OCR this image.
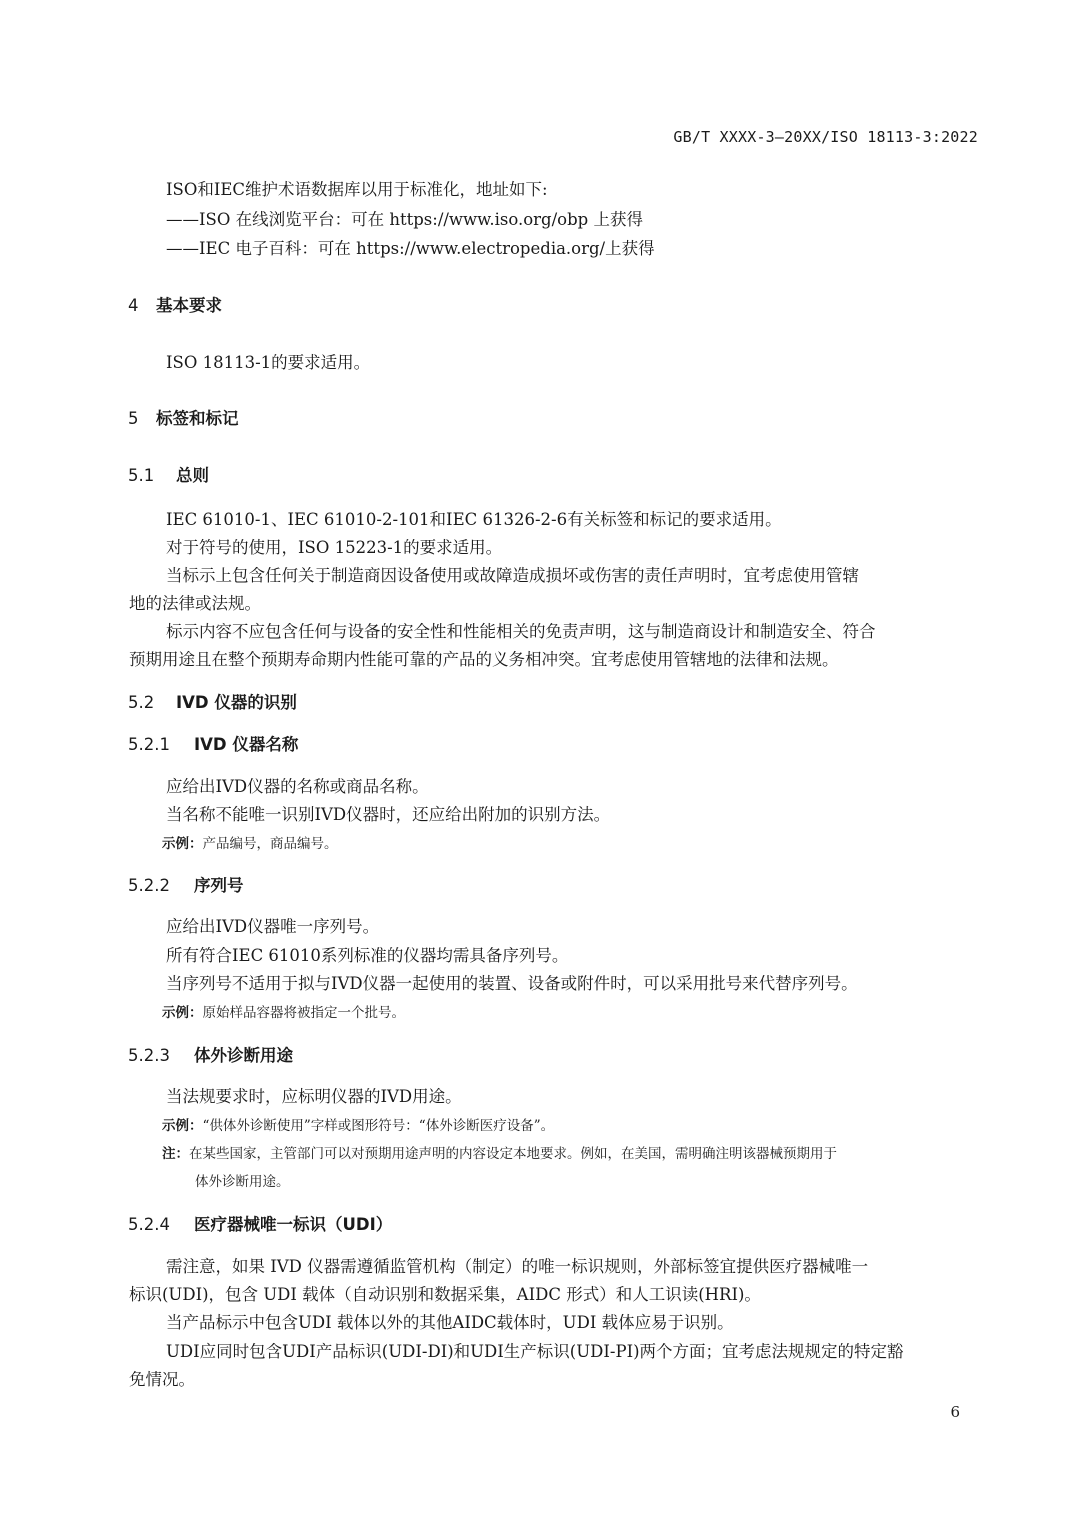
GB/T XXXX-3—20XX/ISO 18113-3:2022
ISO和IEC维护术语数据库以用于标准化，地址如下:
——ISO 在线浏览平台：可在 https://www.iso.org/obp 上获得
——IEC 电子百科：可在 https://www.electropedia.org/上获得
4 基本要求
ISO 18113-1的要求适用。
5 标签和标记
5.1 总则
IEC 61010-1、IEC 61010-2-101和IEC 61326-2-6有关标签和标记的要求适用。
对于符号的使用，ISO 15223-1的要求适用。
当标示上包含任何关于制造商因设备使用或故障造成损坏或伤害的责任声明时，宜考虑使用管辖
地的法律或法规。
标示内容不应包含任何与设备的安全性和性能相关的免责声明，这与制造商设计和制造安全、符合
预期用途且在整个预期寿命期内性能可靠的产品的义务相冲突。宜考虑使用管辖地的法律和法规。
5.2 IVD 仪器的识别
5.2.1 IVD 仪器名称
应给出IVD仪器的名称或商品名称。
当名称不能唯一识别IVD仪器时，还应给出附加的识别方法。
示例：产品编号，商品编号。
5.2.2 序列号
应给出IVD仪器唯一序列号。
所有符合IEC 61010系列标准的仪器均需具备序列号。
当序列号不适用于拟与IVD仪器一起使用的装置、设备或附件时，可以采用批号来代替序列号。
示例：原始样品容器将被指定一个批号。
5.2.3 体外诊断用途
当法规要求时，应标明仪器的IVD用途。
示例：“供体外诊断使用”字样或图形符号：“体外诊断医疗设备”。
注：在某些国家，主管部门可以对预期用途声明的内容设定本地要求。例如，在美国，需明确注明该器械预期用于
体外诊断用途。
5.2.4 医疗器械唯一标识（UDI）
需注意，如果 IVD 仪器需遵循监管机构（制定）的唯一标识规则，外部标签宜提供医疗器械唯一
标识(UDI)，包含 UDI 载体（自动识别和数据采集，AIDC 形式）和人工识读(HRI)。
当产品标示中包含UDI 载体以外的其他AIDC载体时，UDI 载体应易于识别。
UDI应同时包含UDI产品标识(UDI-DI)和UDI生产标识(UDI-PI)两个方面；宜考虑法规规定的特定豁
免情况。
6
